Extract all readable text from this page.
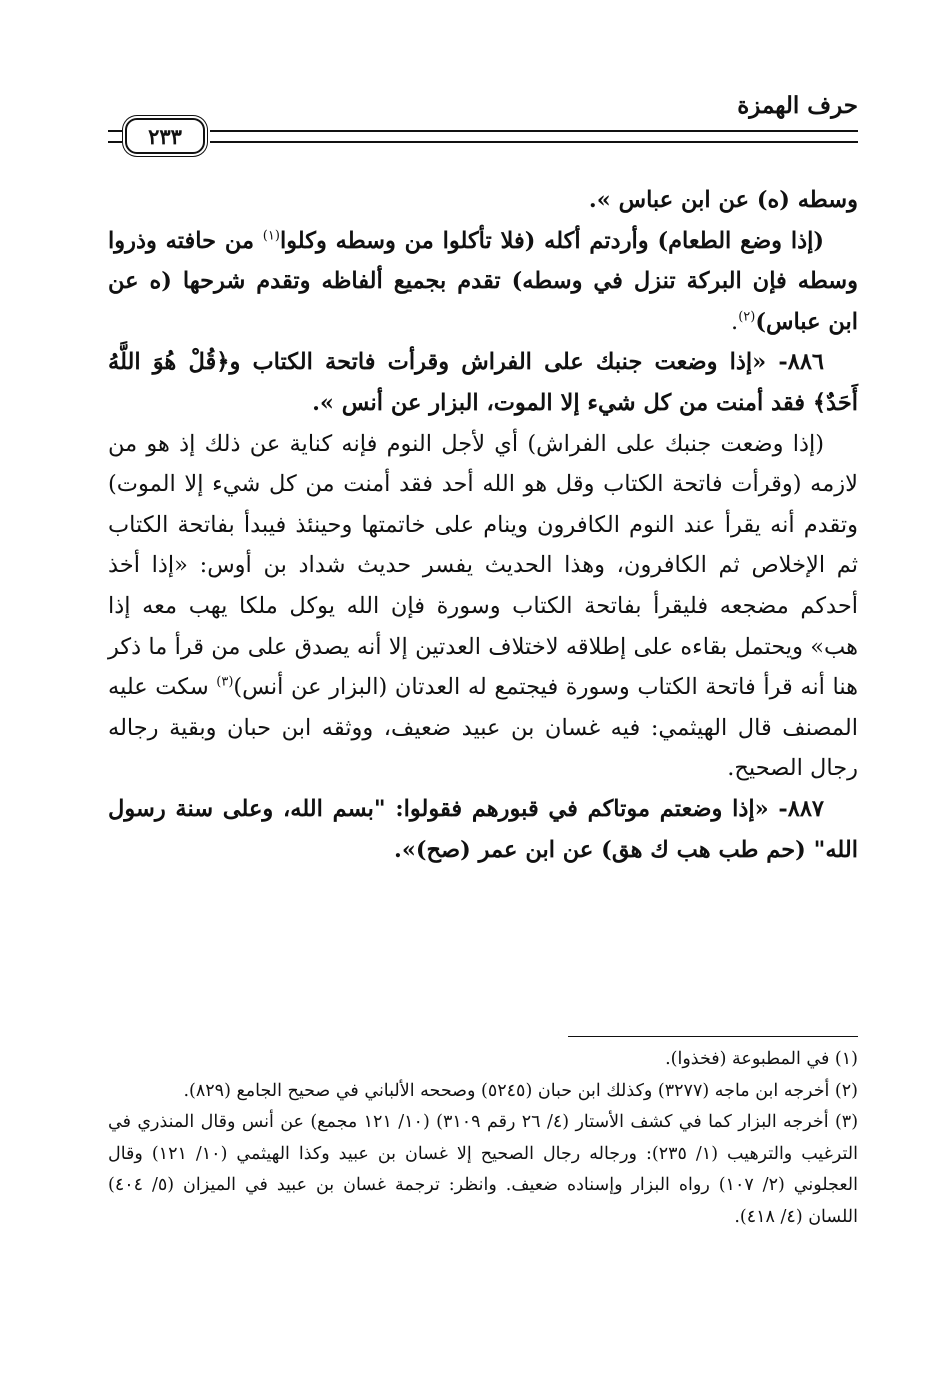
حرف الهمزة
٢٣٣

وسطه (ه) عن ابن عباس ».

(إذا وضع الطعام) وأردتم أكله (فلا تأكلوا من وسطه وكلوا$^{(١)}$ من حافته وذروا وسطه فإن البركة تنزل في وسطه) تقدم بجميع ألفاظه وتقدم شرحها (ه عن ابن عباس)$^{(٢)}$.

٨٨٦- «إذا وضعت جنبك على الفراش وقرأت فاتحة الكتاب و﴿قُلْ هُوَ اللَّهُ أَحَدٌ﴾ فقد أمنت من كل شيء إلا الموت، البزار عن أنس ».

(إذا وضعت جنبك على الفراش) أي لأجل النوم فإنه كناية عن ذلك إذ هو من لازمه (وقرأت فاتحة الكتاب وقل هو الله أحد فقد أمنت من كل شيء إلا الموت) وتقدم أنه يقرأ عند النوم الكافرون وينام على خاتمتها وحينئذ فيبدأ بفاتحة الكتاب ثم الإخلاص ثم الكافرون، وهذا الحديث يفسر حديث شداد بن أوس: «إذا أخذ أحدكم مضجعه فليقرأ بفاتحة الكتاب وسورة فإن الله يوكل ملكا يهب معه إذا هب» ويحتمل بقاءه على إطلاقه لاختلاف العدتين إلا أنه يصدق على من قرأ ما ذكر هنا أنه قرأ فاتحة الكتاب وسورة فيجتمع له العدتان (البزار عن أنس)$^{(٣)}$ سكت عليه المصنف قال الهيثمي: فيه غسان بن عبيد ضعيف، ووثقه ابن حبان وبقية رجاله رجال الصحيح.

٨٨٧- «إذا وضعتم موتاكم في قبورهم فقولوا: "بسم الله، وعلى سنة رسول الله" (حم طب هب ك هق) عن ابن عمر (صح)».

(١) في المطبوعة (فخذوا).

(٢) أخرجه ابن ماجه (٣٢٧٧) وكذلك ابن حبان (٥٢٤٥) وصححه الألباني في صحيح الجامع (٨٢٩).

(٣) أخرجه البزار كما في كشف الأستار (٤/ ٢٦ رقم ٣١٠٩) (١٠/ ١٢١ مجمع) عن أنس وقال المنذري في الترغيب والترهيب (١/ ٢٣٥): ورجاله رجال الصحيح إلا غسان بن عبيد وكذا الهيثمي (١٠/ ١٢١) وقال العجلوني (٢/ ١٠٧) رواه البزار وإسناده ضعيف. وانظر: ترجمة غسان بن عبيد في الميزان (٥/ ٤٠٤) اللسان (٤/ ٤١٨).
